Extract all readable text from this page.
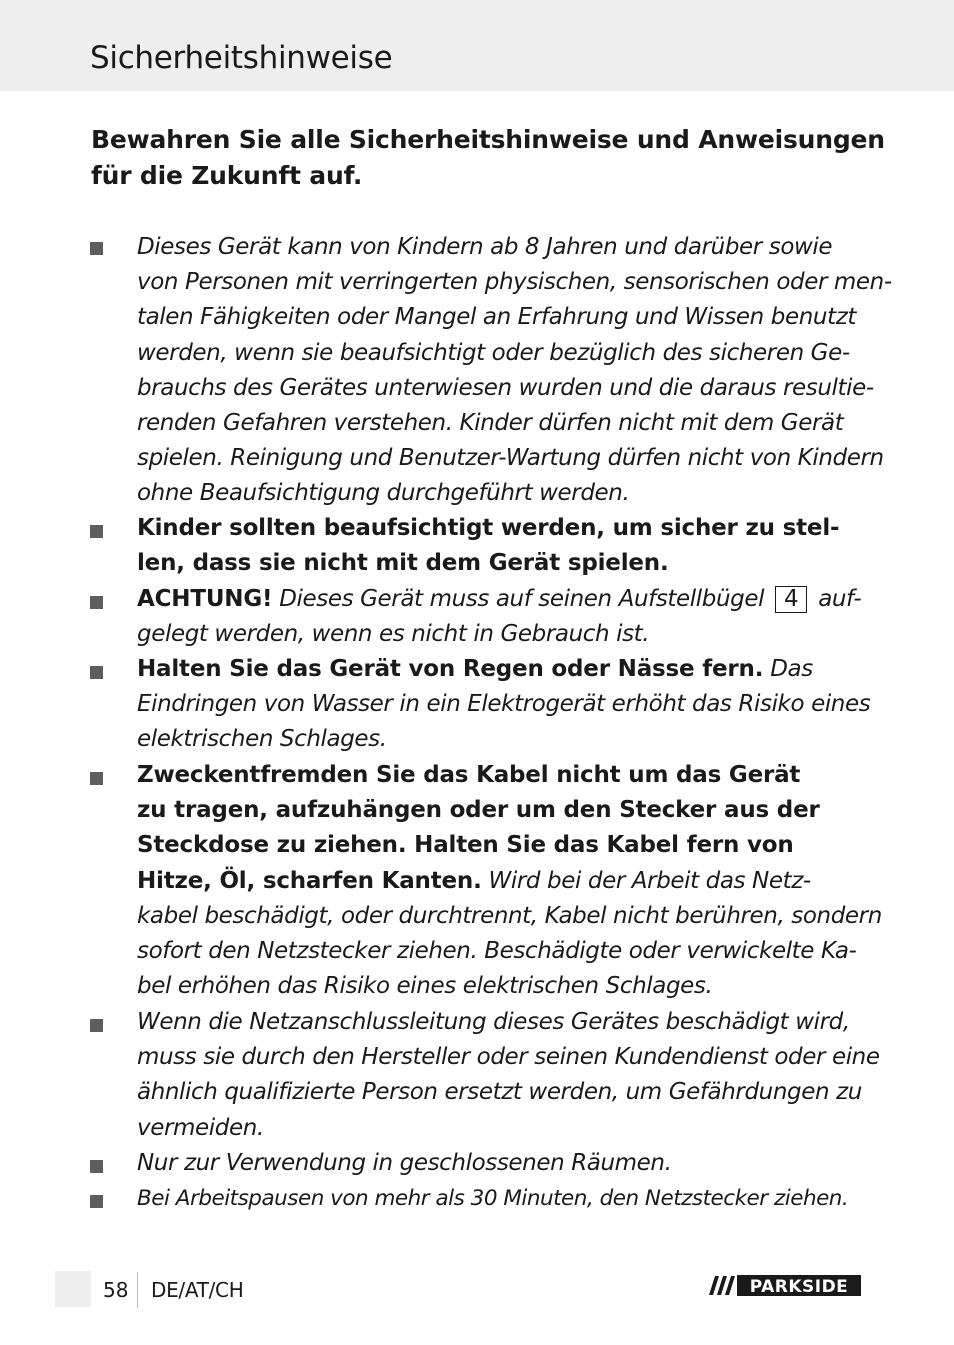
Sicherheitshinweise
Bewahren Sie alle Sicherheitshinweise und Anweisungen
für die Zukunft auf.
Dieses Gerät kann von Kindern ab 8 Jahren und darüber sowie
von Personen mit verringerten physischen, sensorischen oder men-
talen Fähigkeiten oder Mangel an Erfahrung und Wissen benutzt
werden, wenn sie beaufsichtigt oder bezüglich des sicheren Ge-
brauchs des Gerätes unterwiesen wurden und die daraus resultie-
renden Gefahren verstehen. Kinder dürfen nicht mit dem Gerät
spielen. Reinigung und Benutzer-Wartung dürfen nicht von Kindern
ohne Beaufsichtigung durchgeführt werden.
Kinder sollten beaufsichtigt werden, um sicher zu stel-
len, dass sie nicht mit dem Gerät spielen.
ACHTUNG! Dieses Gerät muss auf seinen Aufstellbügel 4 auf-
gelegt werden, wenn es nicht in Gebrauch ist.
Halten Sie das Gerät von Regen oder Nässe fern. Das
Eindringen von Wasser in ein Elektrogerät erhöht das Risiko eines
elektrischen Schlages.
Zweckentfremden Sie das Kabel nicht um das Gerät
zu tragen, aufzuhängen oder um den Stecker aus der
Steckdose zu ziehen. Halten Sie das Kabel fern von
Hitze, Öl, scharfen Kanten. Wird bei der Arbeit das Netz-
kabel beschädigt, oder durchtrennt, Kabel nicht berühren, sondern
sofort den Netzstecker ziehen. Beschädigte oder verwickelte Ka-
bel erhöhen das Risiko eines elektrischen Schlages.
Wenn die Netzanschlussleitung dieses Gerätes beschädigt wird,
muss sie durch den Hersteller oder seinen Kundendienst oder eine
ähnlich qualifizierte Person ersetzt werden, um Gefährdungen zu
vermeiden.
Nur zur Verwendung in geschlossenen Räumen.
Bei Arbeitspausen von mehr als 30 Minuten, den Netzstecker ziehen.
58 DE/AT/CH	PARKSIDE
